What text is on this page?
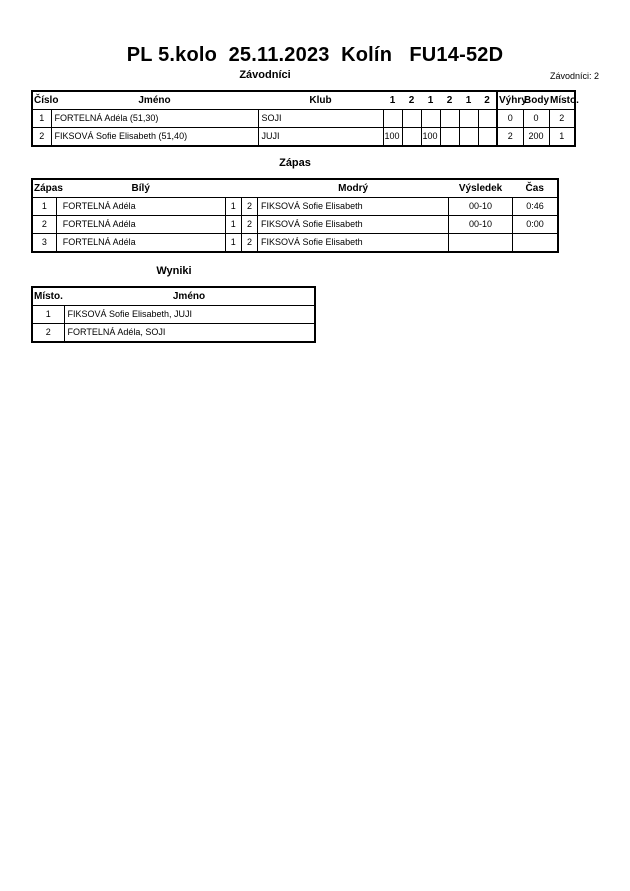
PL 5.kolo  25.11.2023  Kolín   FU14-52D
Závodníci	Závodníci: 2
Číslo	Jméno	Klub	1	2	1	2	1	2	Výhry	Body	Místo.
1	FORTELNÁ Adéla (51,30)	SOJI							0	0	2
2	FIKSOVÁ Sofie Elisabeth (51,40)	JUJI	100		100				2	200	1
Zápas
Zápas	Bílý			Modrý	Výsledek	Čas
1	FORTELNÁ Adéla	1	2	FIKSOVÁ Sofie Elisabeth	00-10	0:46
2	FORTELNÁ Adéla	1	2	FIKSOVÁ Sofie Elisabeth	00-10	0:00
3	FORTELNÁ Adéla	1	2	FIKSOVÁ Sofie Elisabeth		
Wyniki
Místo.	Jméno
1	FIKSOVÁ Sofie Elisabeth, JUJI
2	FORTELNÁ Adéla, SOJI
